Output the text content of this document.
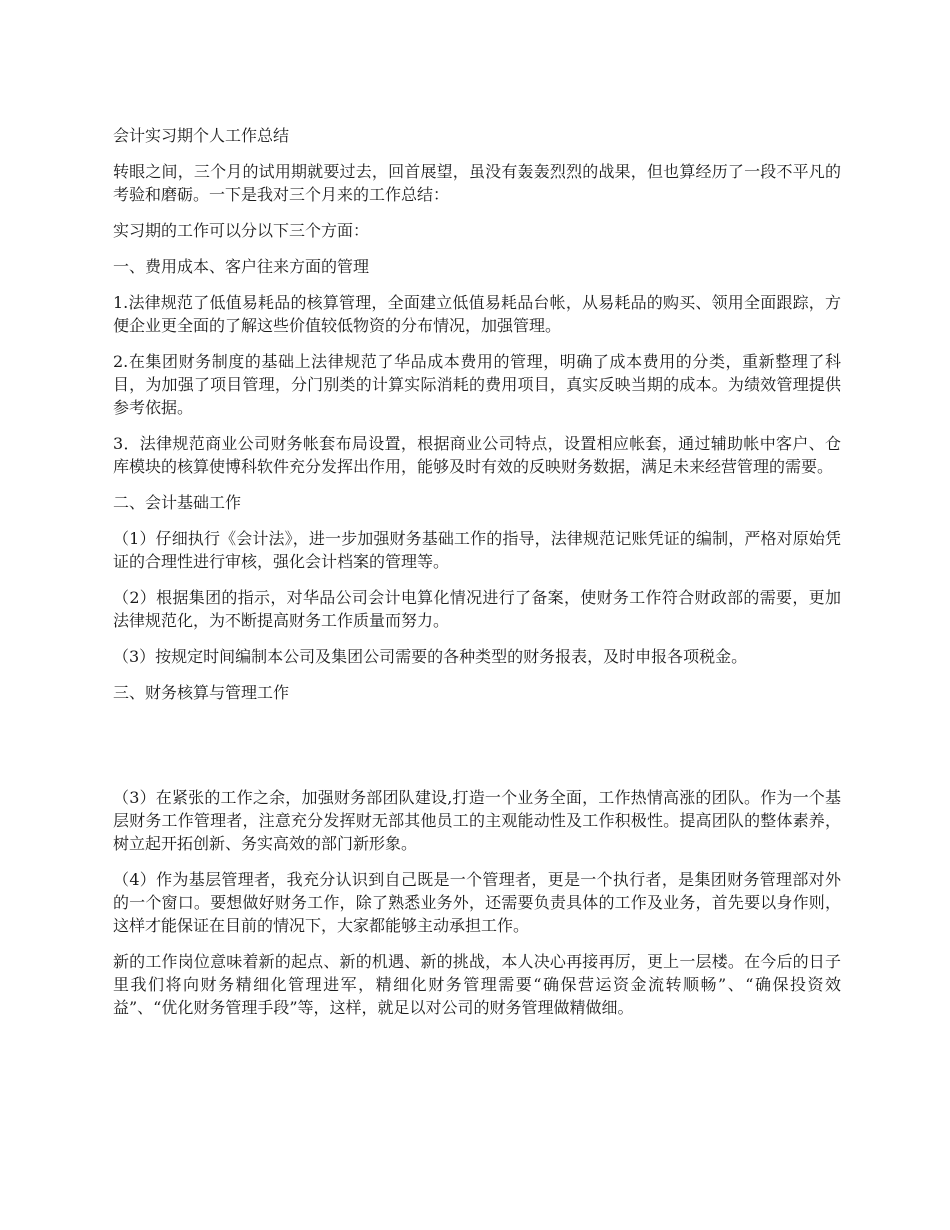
会计实习期个人工作总结

转眼之间，三个月的试用期就要过去，回首展望，虽没有轰轰烈烈的战果，但也算经历了一段不平凡的考验和磨砺。一下是我对三个月来的工作总结：

实习期的工作可以分以下三个方面：

一、费用成本、客户往来方面的管理

1.法律规范了低值易耗品的核算管理，全面建立低值易耗品台帐，从易耗品的购买、领用全面跟踪，方便企业更全面的了解这些价值较低物资的分布情况，加强管理。

2.在集团财务制度的基础上法律规范了华品成本费用的管理，明确了成本费用的分类，重新整理了科目，为加强了项目管理，分门别类的计算实际消耗的费用项目，真实反映当期的成本。为绩效管理提供参考依据。

3．法律规范商业公司财务帐套布局设置，根据商业公司特点，设置相应帐套，通过辅助帐中客户、仓库模块的核算使博科软件充分发挥出作用，能够及时有效的反映财务数据，满足未来经营管理的需要。

二、会计基础工作

（1）仔细执行《会计法》，进一步加强财务基础工作的指导，法律规范记账凭证的编制，严格对原始凭证的合理性进行审核，强化会计档案的管理等。

（2）根据集团的指示，对华品公司会计电算化情况进行了备案，使财务工作符合财政部的需要，更加法律规范化，为不断提高财务工作质量而努力。

（3）按规定时间编制本公司及集团公司需要的各种类型的财务报表，及时申报各项税金。

三、财务核算与管理工作

（3）在紧张的工作之余，加强财务部团队建设,打造一个业务全面，工作热情高涨的团队。作为一个基层财务工作管理者，注意充分发挥财无部其他员工的主观能动性及工作积极性。提高团队的整体素养，树立起开拓创新、务实高效的部门新形象。

（4）作为基层管理者，我充分认识到自己既是一个管理者，更是一个执行者，是集团财务管理部对外的一个窗口。要想做好财务工作，除了熟悉业务外，还需要负责具体的工作及业务，首先要以身作则，这样才能保证在目前的情况下，大家都能够主动承担工作。

新的工作岗位意味着新的起点、新的机遇、新的挑战，本人决心再接再厉，更上一层楼。在今后的日子里我们将向财务精细化管理进军，精细化财务管理需要“确保营运资金流转顺畅”、“确保投资效益”、“优化财务管理手段”等，这样，就足以对公司的财务管理做精做细。
